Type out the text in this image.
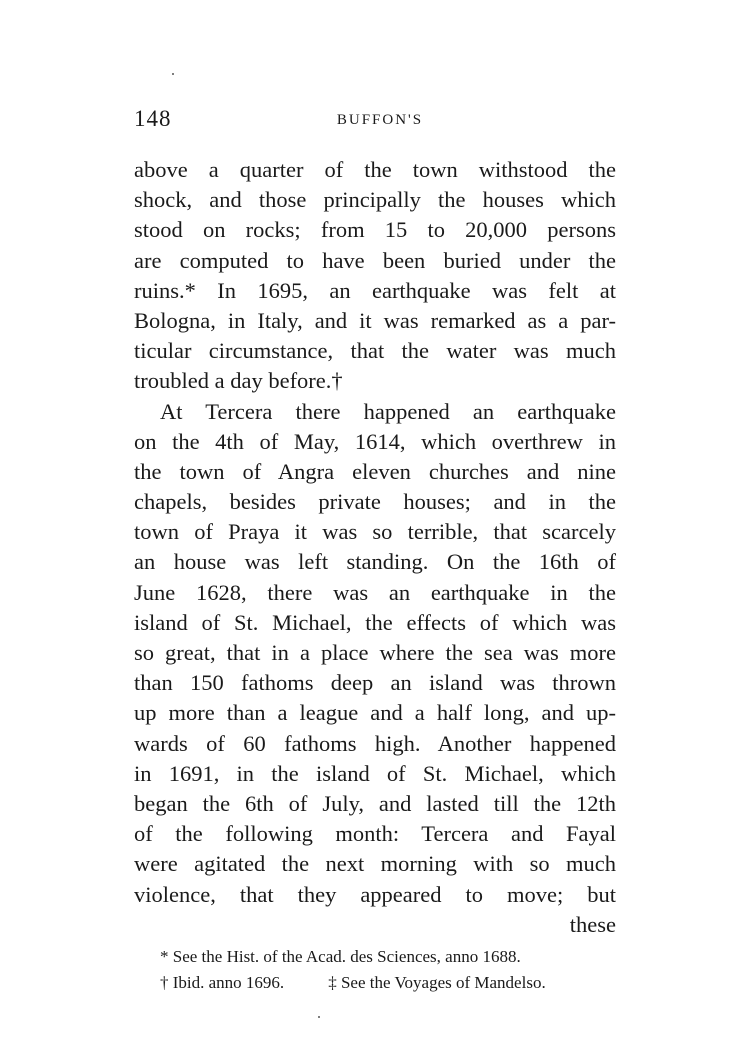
148	BUFFON'S
above a quarter of the town withstood the
shock, and those principally the houses which
stood on rocks; from 15 to 20,000 persons
are computed to have been buried under the
ruins.* In 1695, an earthquake was felt at
Bologna, in Italy, and it was remarked as a par-
ticular circumstance, that the water was much
troubled a day before.†
At Tercera there happened an earthquake
on the 4th of May, 1614, which overthrew in
the town of Angra eleven churches and nine
chapels, besides private houses; and in the
town of Praya it was so terrible, that scarcely
an house was left standing. On the 16th of
June 1628, there was an earthquake in the
island of St. Michael, the effects of which was
so great, that in a place where the sea was more
than 150 fathoms deep an island was thrown
up more than a league and a half long, and up-
wards of 60 fathoms high. Another happened
in 1691, in the island of St. Michael, which
began the 6th of July, and lasted till the 12th
of the following month: Tercera and Fayal
were agitated the next morning with so much
violence, that they appeared to move; but
these
* See the Hist. of the Acad. des Sciences, anno 1688.
† Ibid. anno 1696.	‡ See the Voyages of Mandelso.
